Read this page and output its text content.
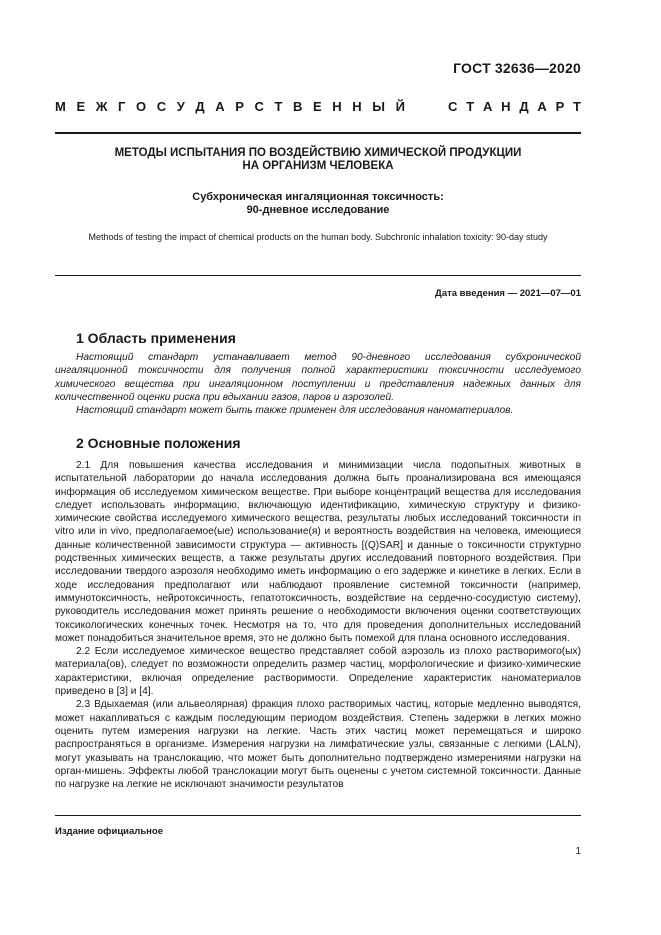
ГОСТ 32636—2020
М Е Ж Г О С У Д А Р С Т В Е Н Н Ы Й	С Т А Н Д А Р Т
МЕТОДЫ ИСПЫТАНИЯ ПО ВОЗДЕЙСТВИЮ ХИМИЧЕСКОЙ ПРОДУКЦИИ
НА ОРГАНИЗМ ЧЕЛОВЕКА
Субхроническая ингаляционная токсичность:
90-дневное исследование
Methods of testing the impact of chemical products on the human body. Subchronic inhalation toxicity: 90-day study
Дата введения — 2021—07—01
1 Область применения

Настоящий стандарт устанавливает метод 90-дневного исследования субхронической ингаляционной токсичности для получения полной характеристики токсичности исследуемого химического вещества при ингаляционном поступлении и представления надежных данных для количественной оценки риска при вдыхании газов, паров и аэрозолей.

Настоящий стандарт может быть также применен для исследования наноматериалов.

2 Основные положения

2.1 Для повышения качества исследования и минимизации числа подопытных животных в испытательной лаборатории до начала исследования должна быть проанализирована вся имеющаяся информация об исследуемом химическом веществе. При выборе концентраций вещества для исследования следует использовать информацию, включающую идентификацию, химическую структуру и физико-химические свойства исследуемого химического вещества, результаты любых исследований токсичности in vitro или in vivo, предполагаемое(ые) использование(я) и вероятность воздействия на человека, имеющиеся данные количественной зависимости структура — активность [(Q)SAR] и данные о токсичности структурно родственных химических веществ, а также результаты других исследований повторного воздействия. При исследовании твердого аэрозоля необходимо иметь информацию о его задержке и кинетике в легких. Если в ходе исследования предполагают или наблюдают проявление системной токсичности (например, иммунотоксичность, нейротоксичность, гепатотоксичность, воздействие на сердечно-сосудистую систему), руководитель исследования может принять решение о необходимости включения оценки соответствующих токсикологических конечных точек. Несмотря на то, что для проведения дополнительных исследований может понадобиться значительное время, это не должно быть помехой для плана основного исследования.

2.2 Если исследуемое химическое вещество представляет собой аэрозоль из плохо растворимого(ых) материала(ов), следует по возможности определить размер частиц, морфологические и физико-химические характеристики, включая определение растворимости. Определение характеристик наноматериалов приведено в [3] и [4].

2.3 Вдыхаемая (или альвеолярная) фракция плохо растворимых частиц, которые медленно выводятся, может накапливаться с каждым последующим периодом воздействия. Степень задержки в легких можно оценить путем измерения нагрузки на легкие. Часть этих частиц может перемещаться и широко распространяться в организме. Измерения нагрузки на лимфатические узлы, связанные с легкими (LALN), могут указывать на транслокацию, что может быть дополнительно подтверждено измерениями нагрузки на орган-мишень. Эффекты любой транслокации могут быть оценены с учетом системной токсичности. Данные по нагрузке на легкие не исключают значимости результатов

Издание официальное
1
